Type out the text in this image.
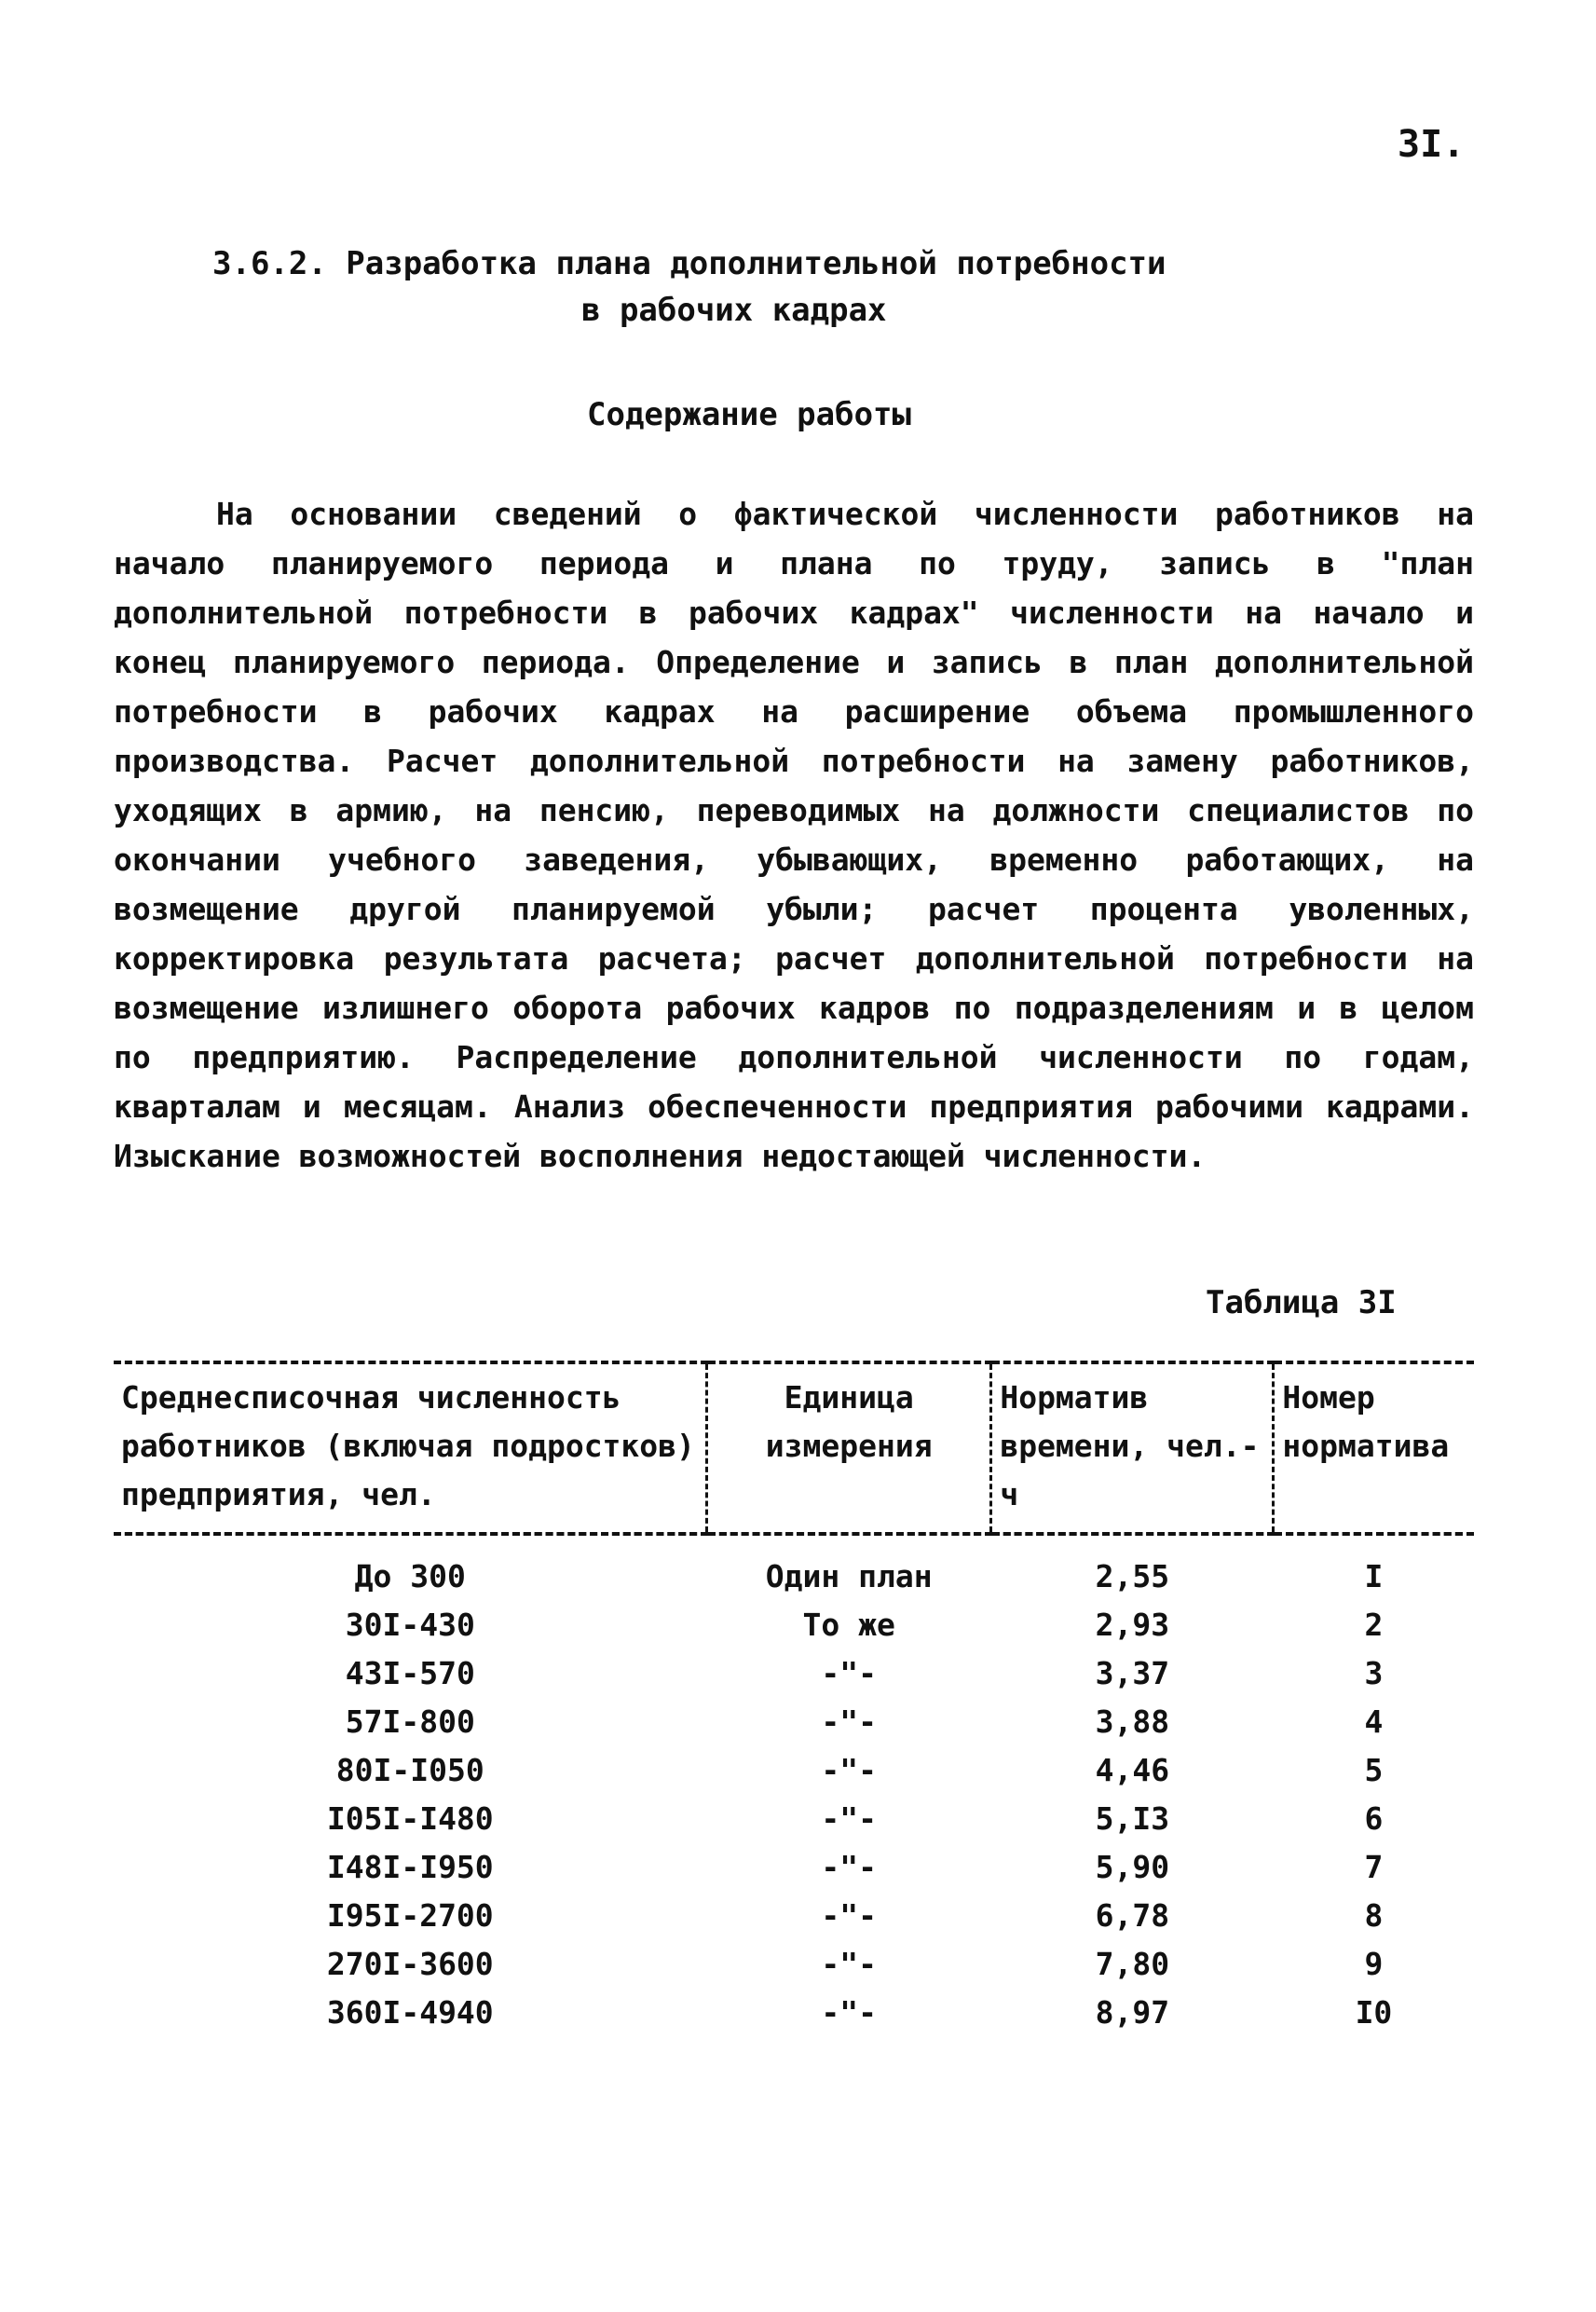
3I.
3.6.2. Разработка плана дополнительной потребности
в рабочих кадрах
Содержание работы

На основании сведений о фактической численности работников на начало планируемого периода и плана по труду, запись в "план дополнительной потребности в рабочих кадрах" численности на начало и конец планируемого периода. Определение и запись в план дополнительной потребности в рабочих кадрах на расширение объема промышленного производства. Расчет дополнительной потребности на замену работников, уходящих в армию, на пенсию, переводимых на должности специалистов по окончании учебного заведения, убывающих, временно работающих, на возмещение другой планируемой убыли; расчет процента уволенных, корректировка результата расчета; расчет дополнительной потребности на возмещение излишнего оборота рабочих кадров по подразделениям и в целом по предприятию. Распределение дополнительной численности по годам, кварталам и месяцам. Анализ обеспеченности предприятия рабочими кадрами. Изыскание возможностей восполнения недостающей численности.

Таблица 3I
Среднесписочная численность работников (включая подростков) предприятия, чел.	Единица измерения	Норматив времени, чел.-ч	Номер норматива
До 300	Один план	2,55	I
30I-430	То же	2,93	2
43I-570	-"-	3,37	3
57I-800	-"-	3,88	4
80I-I050	-"-	4,46	5
I05I-I480	-"-	5,I3	6
I48I-I950	-"-	5,90	7
I95I-2700	-"-	6,78	8
270I-3600	-"-	7,80	9
360I-4940	-"-	8,97	I0
